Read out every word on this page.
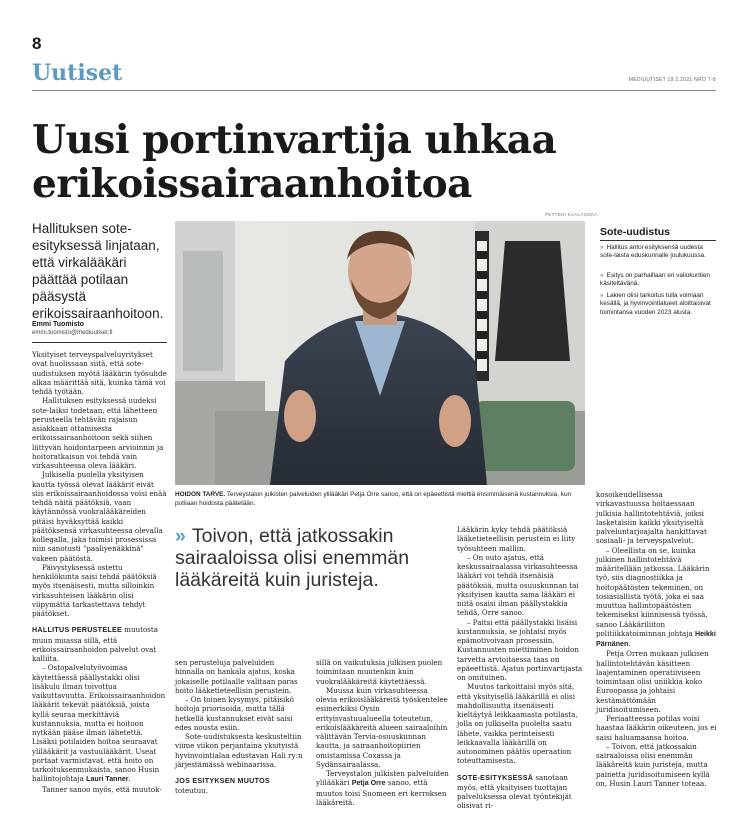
8
Uutiset	MEDIUUTISET 19.2.2021 NRO 7-8
Uusi portinvartija uhkaa erikoissairaanhoitoa
Hallituksen sote-esityksessä linjataan, että virkalääkäri päättää potilaan pääsystä erikoissairaanhoitoon.
Emmi Tuomisto
emmi.tuomisto@mediuutiset.fi

Yksityiset terveyspalveluyritykset ovat huolissaan siitä, että sote-uudistuksen myötä lääkärin työsuhde alkaa määrittää sitä, kuinka tämä voi tehdä työtään.

Hallituksen esityksessä uudeksi sote-laiksi todetaan, että lähetteen perusteella tehtävän rajaisun asiakkaan ottamisesta erikoissairaanhoitoon sekä siihen liittyvän hoidontarpeen arvioinnin ja hoitoratkaisun voi tehdä vain virkasuhteessa oleva lääkäri.

Julkisella puolella yksityisen kautta työssä olevat lääkärit eivät siis erikoissairaanhoidossa voisi enää tehdä näitä päätöksiä, vaan käytännössä vuokralääkäreiden pitäisi hyväksyttää kaikki päätöksensä virkasuhteessa olevalla kollegalla, jaka toimisi prosessissa niin sanotusti "paaliyenäkkinä" vakeen päätöstä.

Päivystyksessä ostettu henkilökunta saisi tehdä päätöksiä myös itsenäisesti, mutta silloinkin virkasuhteisen lääkärin olisi viipymättä tarkastettava tehdyt päätökset.

HALLITUS PERUSTELEE muutosta muun muassa sillä, että erikoissairaanhoidon palvelut ovat kalliita.

– Ostopalvelutyövoimaa käytettäessä päällystakki olisi lisäkulu ilman toivottua vaikuttavuutta. Erikoissairaanhoidon lääkärit tekevät päätöksiä, joista kyllä seuraa merkittäviä kustannuksia, mutta ei hoitoon nytkään pääse ilman lähetettä. Lisäksi potilaiden hoitoa seuraavat ylilääkärit ja vastuulääkärit. Useat portaat varmistavat, että hoito on tarkoituksenmukaista, sanoo Husin hallintojohtaja Lauri Tanner.

Tanner sanoo myös, että muutok-

PETTERI KAALASMAA
HOIDON TARVE. Terveystalon julkisten palveluiden ylilääkäri Petja Orre sanoo, että on epäeettistä miettiä ensimmäisenä kustannuksia, kun potilaan hoidosta päätetään.
Sote-uudistus
» Hallitus antoi esityksensä uudesta sote-laista eduskunnalle joulukuussa.
» Esitys on parhaillaan eri valiokuntien käsiteltävänä.
» Lakien olisi tarkoitus tulla voimaan kesällä, ja hyvinvointialueet aloittaisivat toimintansa vuoden 2023 alusta.
» Toivon, että jatkossakin sairaaloissa olisi enemmän lääkäreitä kuin juristeja.

sen perusteluja palveluiden hinnalla on hankala ajatus, koska jokaiselle potilaalle valitaan paras hoito lääketieteellisin perustein.

– On toinen kysymys, pitäisikö hoitoja priorisoida, mutta tällä hetkellä kustannukset eivät saisi edes nousta esiin.

Sote-uudistuksesta keskusteltiin viime viikon perjantaina yksityistä hyvinvointialaa edustavan Hali ry:n järjestämässä webinaarissa.

JOS ESITYKSEN MUUTOS toteutuu,

sillä on vaikutuksia julkisen puolen toimintaan muutenkin kuin vuokralääkäreitä käytettäessä.

Muussa kuin virkasuhteessa olevia erikoislääkäreitä työskentelee esimerkiksi Oysin erityisvastuualueella toteutetun, erikoislääkäreitä alueen sairaaloihin välittävän Tervia-osuuskunnan kautta, ja sairaanhoitopiirien omistamissa Coxassa ja Sydänsairaalassa.

Terveystalon julkisten palveluiden ylilääkäri Petja Orre sanoo, että muutos toisi Suomeen eri kerroksen lääkäreitä.

Lääkärin kyky tehdä päätöksiä lääketieteellisin perustein ei liity työsuhteen malliin.

– On outo ajatus, että keskussairaalassa virkasuhteessa lääkäri voi tehdä itsenäisiä päätöksiä, mutta osuuskunnan tai yksityisen kautta sama lääkäri ei niitä osaisi ilman päällystakkia tehdä, Orre sanoo.

– Paitsi että päällystakki lisäisi kustannuksia, se johtaisi myös epämotivoivaan prosessiin. Kustannusten miettiminen hoidon tarvetta arvioitaessa taas on epäeettistä. Ajatus portinvartijasta on omituinen.

Muutos tarkoittaisi myös sitä, että yksityisellä lääkärillä ei olisi mahdollisuutta itsenäisesti kieltäytyä leikkaamasta potilasta, jolla on julkiselta puolelta saatu lähete, vaikka perinteisesti leikkaavalla lääkärillä on autonominen päätös operaation toteuttamisesta.

SOTE-ESITYKSESSÄ sanotaan myös, että yksityisen tuottajan palveluksessa olevat työntekijät olisivat ri-

kosoikeudellisessa virkavastuussa hoitaessaan julkisia hallintotehtäviä, joiksi lasketaisiin kaikki yksityiseltä palveluntarjoajalta hankittavat sosiaali- ja terveyspalvelut.

– Oleellista on se, kuinka julkinen hallintotehtävä määritellään jatkossa. Lääkärin työ, siis diagnostiikka ja hoitopäätösten tekeminen, on tosiasiallista työtä, joka ei saa muuttua hallintopäätösten tekemiseksi kiinnisessä työssä, sanoo Lääkäriliiton politiikkatoiminnan johtaja Heikki Pärnänen.

Petja Orren mukaan julkisen hallintotehtävän käsitteen laajentaminen operatiiviseen toimintaan olisi uniikkia koko Euroopassa ja johtaisi kestämättömään juridisoitumiseen.

Periaatteessa potilas voisi haastaa lääkärin oikeuteen, jos ei saisi haluamaansa hoitoa.

– Toivon, että jatkossakin sairaaloissa olisi enemmän lääkäreitä kuin juristeja, mutta painetta juridisoitumiseen kyllä on, Husin Lauri Tanner toteaa.
